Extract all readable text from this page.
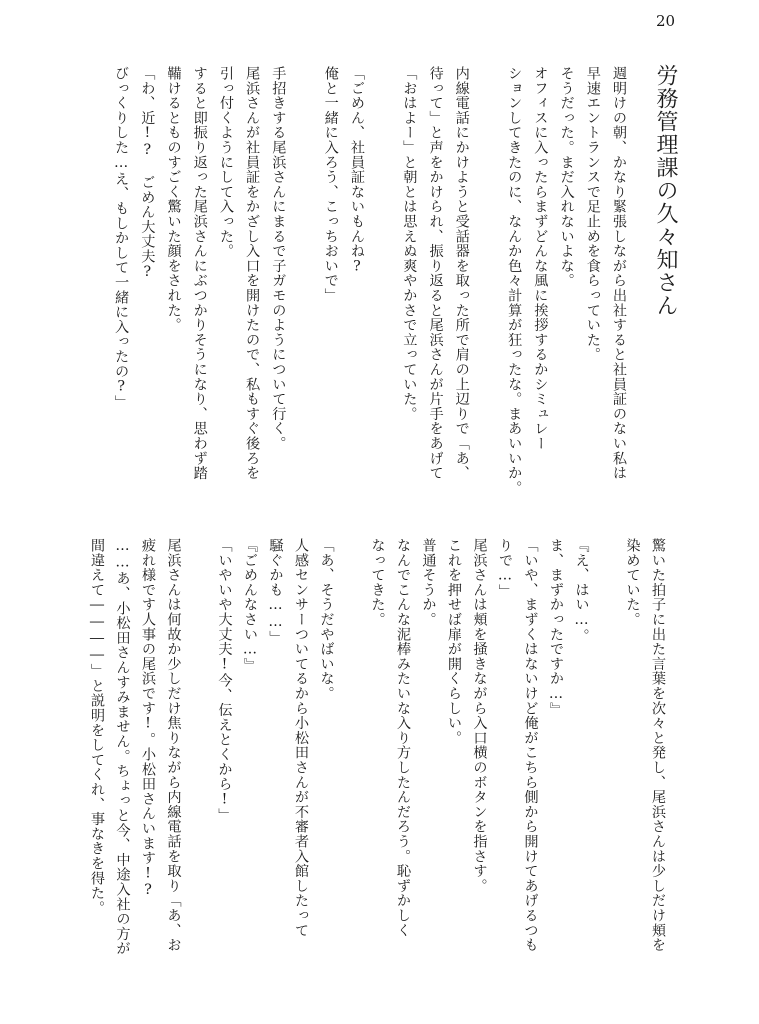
20
労務管理課の久々知さん
週明けの朝、かなり緊張しながら出社すると社員証のない私は
早速エントランスで足止めを食らっていた。
そうだった。まだ入れないよな。
オフィスに入ったらまずどんな風に挨拶するかシミュレー
ションしてきたのに、なんか色々計算が狂ったな。まあいいか。

内線電話にかけようと受話器を取った所で肩の上辺りで「あ、
待って」と声をかけられ、振り返ると尾浜さんが片手をあげて
「おはよー」と朝とは思えぬ爽やかさで立っていた。

「ごめん、社員証ないもんね?
俺と一緒に入ろう、こっちおいで」

手招きする尾浜さんにまるで子ガモのようについて行く。
尾浜さんが社員証をかざし入口を開けたので、私もすぐ後ろを
引っ付くようにして入った。
すると即振り返った尾浜さんにぶつかりそうになり、思わず踏
鞴けるとものすごく驚いた顔をされた。
「わ、近!? ごめん大丈夫?
びっくりした…え、もしかして一緒に入ったの?」
驚いた拍子に出た言葉を次々と発し、尾浜さんは少しだけ頬を
染めていた。

『え、はい…。
ま、まずかったですか…』
「いや、まずくはないけど俺がこちら側から開けてあげるつも
りで…」
尾浜さんは頬を掻きながら入口横のボタンを指さす。
これを押せば扉が開くらしい。
普通そうか。
なんでこんな泥棒みたいな入り方したんだろう。恥ずかしく
なってきた。

「あ、そうだやばいな。
人感センサーついてるから小松田さんが不審者入館したって
騒ぐかも……」
『ごめんなさい…』
「いやいや大丈夫!今、伝えとくから!」

尾浜さんは何故か少しだけ焦りながら内線電話を取り「あ、お
疲れ様です人事の尾浜です!。小松田さんいます!?
……あ、小松田さんすみません。ちょっと今、中途入社の方が
間違えて――――」と説明をしてくれ、事なきを得た。
